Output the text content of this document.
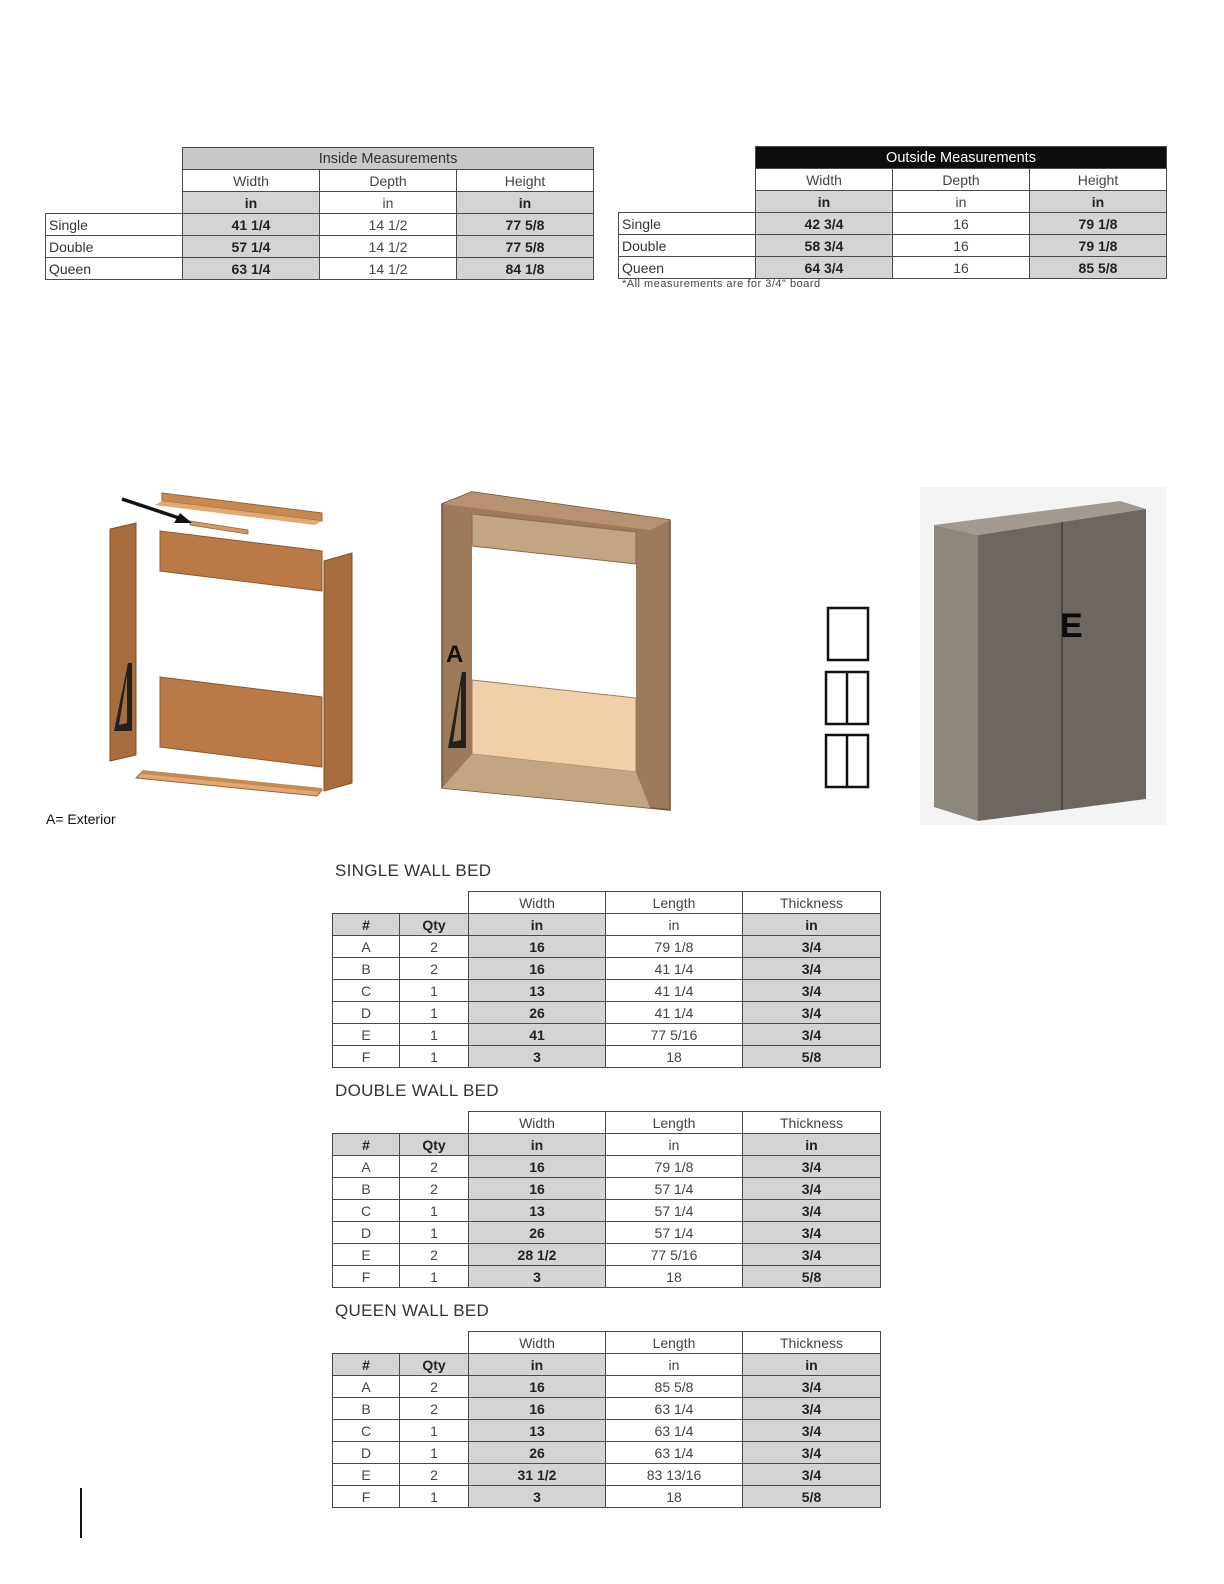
	Inside Measurements		
	Width	Depth	Height
	in	in	in
Single	41 1/4	14 1/2	77 5/8
Double	57 1/4	14 1/2	77 5/8
Queen	63 1/4	14 1/2	84 1/8
	Outside Measurements		
	Width	Depth	Height
	in	in	in
Single	42 3/4	16	79 1/8
Double	58 3/4	16	79 1/8
Queen	64 3/4	16	85 5/8
*All measurements are for 3/4" board
A
E
A= Exterior
SINGLE WALL BED
		Width	Length	Thickness
#	Qty	in	in	in
A	2	16	79 1/8	3/4
B	2	16	41 1/4	3/4
C	1	13	41 1/4	3/4
D	1	26	41 1/4	3/4
E	1	41	77 5/16	3/4
F	1	3	18	5/8
DOUBLE WALL BED
		Width	Length	Thickness
#	Qty	in	in	in
A	2	16	79 1/8	3/4
B	2	16	57 1/4	3/4
C	1	13	57 1/4	3/4
D	1	26	57 1/4	3/4
E	2	28 1/2	77 5/16	3/4
F	1	3	18	5/8
QUEEN WALL BED
		Width	Length	Thickness
#	Qty	in	in	in
A	2	16	85 5/8	3/4
B	2	16	63 1/4	3/4
C	1	13	63 1/4	3/4
D	1	26	63 1/4	3/4
E	2	31 1/2	83 13/16	3/4
F	1	3	18	5/8
